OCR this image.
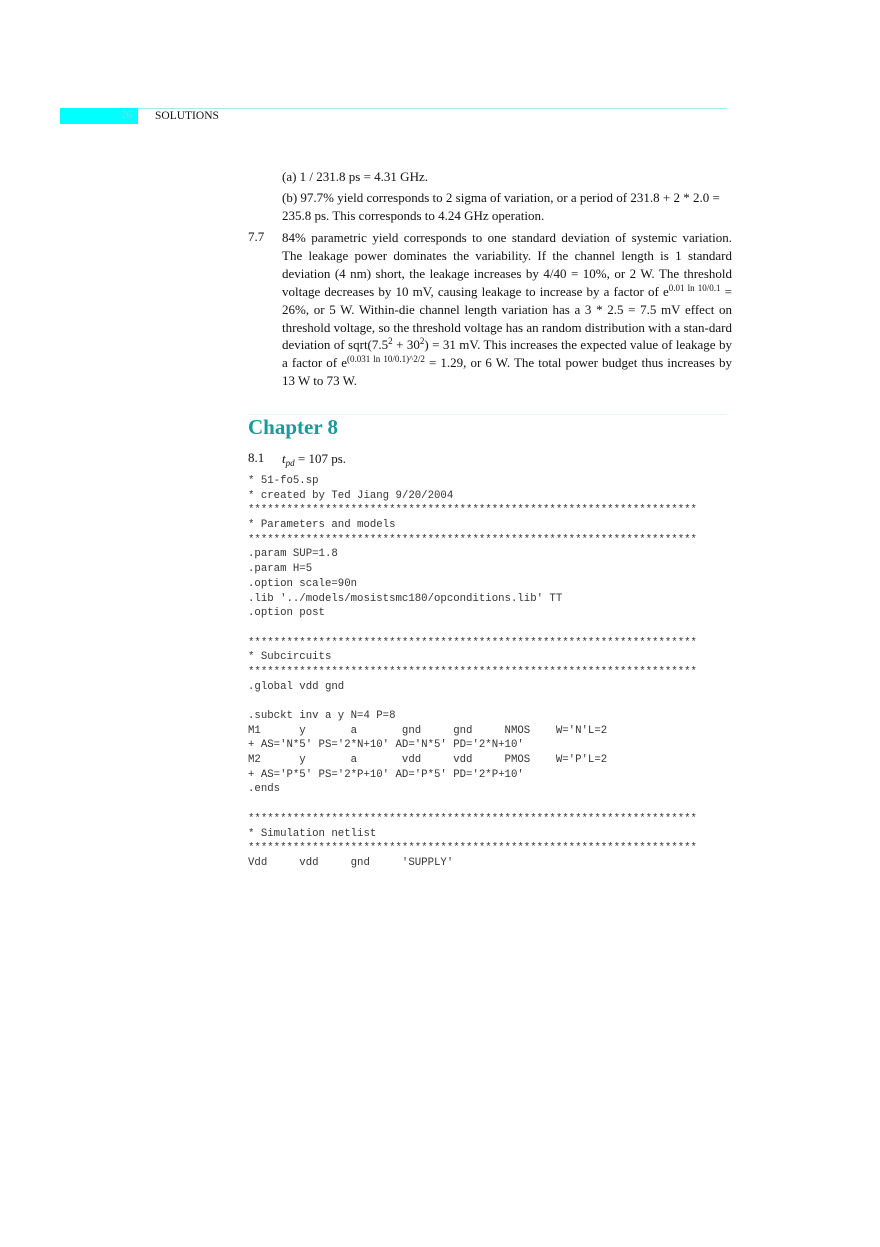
26 SOLUTIONS
(a) 1 / 231.8 ps = 4.31 GHz.
(b) 97.7% yield corresponds to 2 sigma of variation, or a period of 231.8 + 2 * 2.0 = 235.8 ps. This corresponds to 4.24 GHz operation.
7.7 84% parametric yield corresponds to one standard deviation of systemic variation. The leakage power dominates the variability. If the channel length is 1 standard deviation (4 nm) short, the leakage increases by 4/40 = 10%, or 2 W. The threshold voltage decreases by 10 mV, causing leakage to increase by a factor of $e^{0.01 ln 10/0.1} = 26\%$, or 5 W. Within-die channel length variation has a 3 * 2.5 = 7.5 mV effect on threshold voltage, so the threshold voltage has an random distribution with a stan-dard deviation of $sqrt(7.5^2 + 30^2) = 31$ mV. This increases the expected value of leakage by a factor of $e^{(0.031 ln 10/0.1)\^{}2/2} = 1.29$, or 6 W. The total power budget thus increases by 13 W to 73 W.
Chapter 8
8.1 $t_{pd} = 107$ ps.
* 51-fo5.sp
* created by Ted Jiang 9/20/2004
**********************************************************************
* Parameters and models
**********************************************************************
.param SUP=1.8
.param H=5
.option scale=90n
.lib '../models/mosistsmc180/opconditions.lib' TT
.option post
**********************************************************************
* Subcircuits
**********************************************************************
.global vdd gnd
.subckt inv a y N=4 P=8
M1      y       a       gnd     gnd     NMOS    W='N'L=2
+ AS='N*5' PS='2*N+10' AD='N*5' PD='2*N+10'
M2      y       a       vdd     vdd     PMOS    W='P'L=2
+ AS='P*5' PS='2*P+10' AD='P*5' PD='2*P+10'
.ends
**********************************************************************
* Simulation netlist
**********************************************************************
Vdd     vdd     gnd     'SUPPLY'
